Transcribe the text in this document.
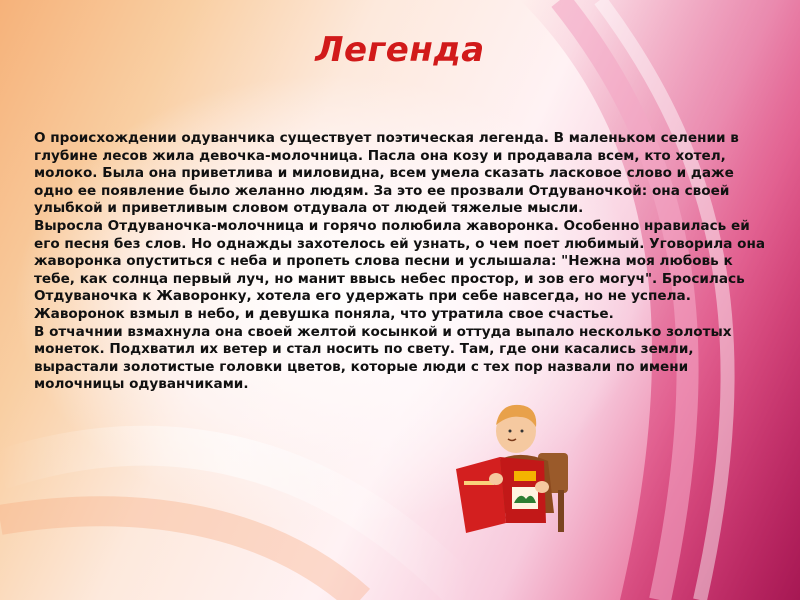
Легенда

О происхождении одуванчика существует поэтическая легенда. В маленьком селении в глубине лесов жила девочка-молочница. Пасла она козу и продавала всем, кто хотел, молоко. Была она приветлива и миловидна, всем умела сказать ласковое слово и даже одно ее появление было желанно людям. За это ее прозвали Отдуваночкой: она своей улыбкой и приветливым словом отдувала от людей тяжелые мысли.

Выросла Отдуваночка-молочница и горячо полюбила жаворонка. Особенно нравилась ей его песня без слов. Но однажды захотелось ей узнать, о чем поет любимый. Уговорила она жаворонка опуститься с неба и пропеть слова песни и услышала: "Нежна моя любовь к тебе, как солнца первый луч, но манит ввысь небес простор, и зов его могуч". Бросилась Отдуваночка к Жаворонку, хотела его удержать при себе навсегда, но не успела. Жаворонок взмыл в небо, и девушка поняла, что утратила свое счастье.

В отчачнии взмахнула она своей желтой косынкой и оттуда выпало несколько золотых монеток. Подхватил их ветер и стал носить по свету. Там, где они касались земли, вырастали золотистые головки цветов, которые люди с тех пор назвали по имени молочницы одуванчиками.
